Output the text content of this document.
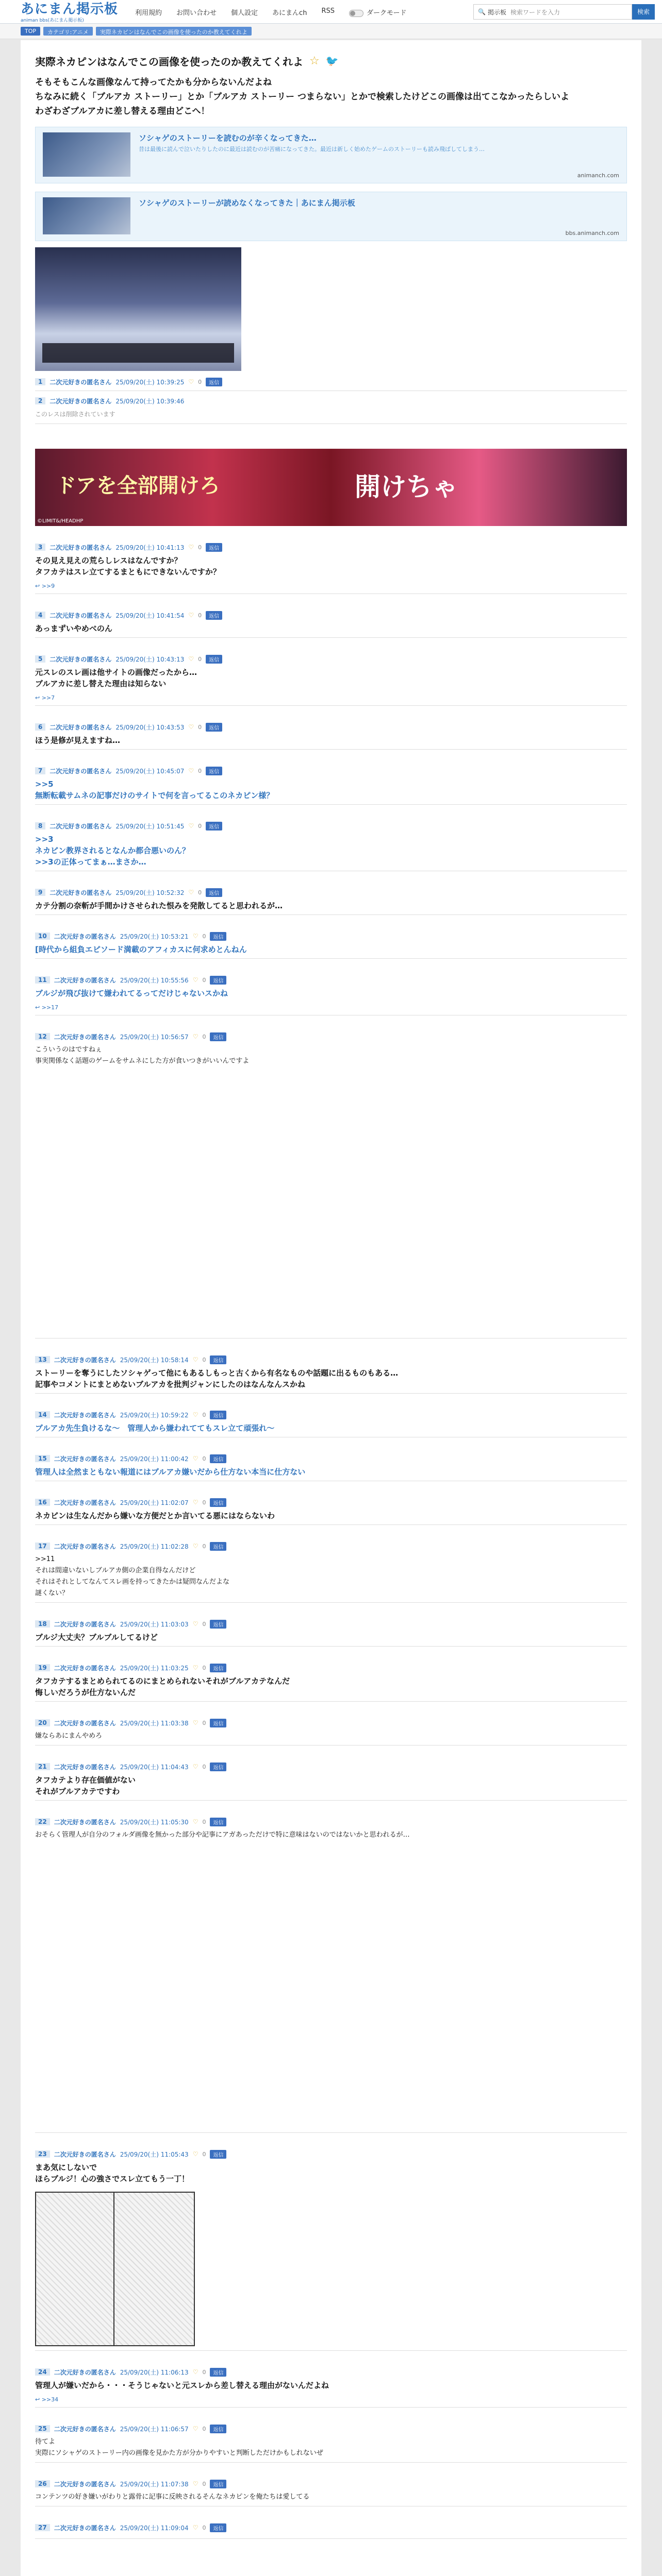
あにまん掲示板
animan bbs(あにまん掲示板)
利用規約 お問い合わせ 個人設定 あにまんch RSS	ダークモード	🔍 掲示板 検索ワードを入力	検索
TOP	カテゴリ:アニメ	実際ネカピンはなんでこの画像を使ったのか教えてくれよ
実際ネカピンはなんでこの画像を使ったのか教えてくれよ ☆ 🐦
そもそもこんな画像なんて持ってたかも分からないんだよね
ちなみに続く「ブルアカ ストーリー」とか「ブルアカ ストーリー つまらない」とかで検索したけどこの画像は出てこなかったらしいよ
わざわざブルアカに差し替える理由どこへ！
ソシャゲのストーリーを読むのが辛くなってきた…
昔は最後に読んで泣いたりしたのに最近は読むのが苦痛になってきた。最近は新しく始めたゲームのストーリーも読み飛ばしてしまう…
animanch.com
ソシャゲのストーリーが読めなくなってきた｜あにまん掲示板
bbs.animanch.com
1	二次元好きの匿名さん 25/09/20(土) 10:39:25 ♡ 0	返信
2	二次元好きの匿名さん 25/09/20(土) 10:39:46
このレスは削除されています
ドアを全部開けろ	開けちゃ
©LIMIT&/HEADHP
3	二次元好きの匿名さん 25/09/20(土) 10:41:13 ♡ 0	返信
その見え見えの荒らしレスはなんですか？
タフカテはスレ立てするまともにできないんですか？
↩ >>9
4	二次元好きの匿名さん 25/09/20(土) 10:41:54 ♡ 0	返信
あっまずいやめべのん
5	二次元好きの匿名さん 25/09/20(土) 10:43:13 ♡ 0	返信
元スレのスレ画は他サイトの画像だったから…
ブルアカに差し替えた理由は知らない
↩ >>7
6	二次元好きの匿名さん 25/09/20(土) 10:43:53 ♡ 0	返信
ほう是修が見えますね…
7	二次元好きの匿名さん 25/09/20(土) 10:45:07 ♡ 0	返信
>>5
無断転載サムネの記事だけのサイトで何を言ってるこのネカピン様？
8	二次元好きの匿名さん 25/09/20(土) 10:51:45 ♡ 0	返信
>>3
ネカピン教界されるとなんか都合悪いのん？
>>3の正体ってまぁ…まさか…
9	二次元好きの匿名さん 25/09/20(土) 10:52:32 ♡ 0	返信
カテ分割の奈斬が手間かけさせられた恨みを発散してると思われるが…
10	二次元好きの匿名さん 25/09/20(土) 10:53:21 ♡ 0	返信
[時代から組負エピソード満載のアフィカスに何求めとんねん
11	二次元好きの匿名さん 25/09/20(土) 10:55:56 ♡ 0	返信
ブルジが飛び抜けて嫌われてるってだけじゃないスかね
↩ >>17
12	二次元好きの匿名さん 25/09/20(土) 10:56:57 ♡ 0	返信
こういうのはですねぇ
事実関係なく話題のゲームをサムネにした方が食いつきがいいんですよ
13	二次元好きの匿名さん 25/09/20(土) 10:58:14 ♡ 0	返信
ストーリーを奪うにしたソシャゲって他にもあるしもっと古くから有名なものや話題に出るものもある…
記事やコメントにまとめないブルアカを批判ジャンにしたのはなんなんスかね
14	二次元好きの匿名さん 25/09/20(土) 10:59:22 ♡ 0	返信
ブルアカ先生負けるな〜　管理人から嫌われててもスレ立て頑張れ〜
15	二次元好きの匿名さん 25/09/20(土) 11:00:42 ♡ 0	返信
管理人は全然まともない報道にはブルアカ嫌いだから仕方ない本当に仕方ない
16	二次元好きの匿名さん 25/09/20(土) 11:02:07 ♡ 0	返信
ネカピンは生なんだから嫌いな方便だとか言いてる悪にはならないわ
17	二次元好きの匿名さん 25/09/20(土) 11:02:28 ♡ 0	返信
>>11
それは間違いないしブルアカ側の企業自得なんだけど
それはそれとしてなんてスレ画を持ってきたかは疑問なんだよな
謎くない？
18	二次元好きの匿名さん 25/09/20(土) 11:03:03 ♡ 0	返信
ブルジ大丈夫？ブルブルしてるけど
19	二次元好きの匿名さん 25/09/20(土) 11:03:25 ♡ 0	返信
タフカテするまとめられてるのにまとめられないそれがブルアカテなんだ
悔しいだろうが仕方ないんだ
20	二次元好きの匿名さん 25/09/20(土) 11:03:38 ♡ 0	返信
嫌ならあにまんやめろ
21	二次元好きの匿名さん 25/09/20(土) 11:04:43 ♡ 0	返信
タフカテより存在価値がない
それがブルアカテですわ
22	二次元好きの匿名さん 25/09/20(土) 11:05:30 ♡ 0	返信
おそらく管理人が自分のフォルダ画像を無かった部分や記事にアガあっただけで特に意味はないのではないかと思われるが…
23	二次元好きの匿名さん 25/09/20(土) 11:05:43 ♡ 0	返信
まあ気にしないで
ほらブルジ！心の強さでスレ立てもう一丁！
24	二次元好きの匿名さん 25/09/20(土) 11:06:13 ♡ 0	返信
管理人が嫌いだから・・・そうじゃないと元スレから差し替える理由がないんだよね
↩ >>34
25	二次元好きの匿名さん 25/09/20(土) 11:06:57 ♡ 0	返信
待てよ
実際にソシャゲのストーリー内の画像を見かた方が分かりやすいと判断しただけかもしれないぜ
26	二次元好きの匿名さん 25/09/20(土) 11:07:38 ♡ 0	返信
コンテンツの好き嫌いがわりと露骨に記事に反映されるそんなネカピンを俺たちは愛してる
27	二次元好きの匿名さん 25/09/20(土) 11:09:04 ♡ 0	返信
